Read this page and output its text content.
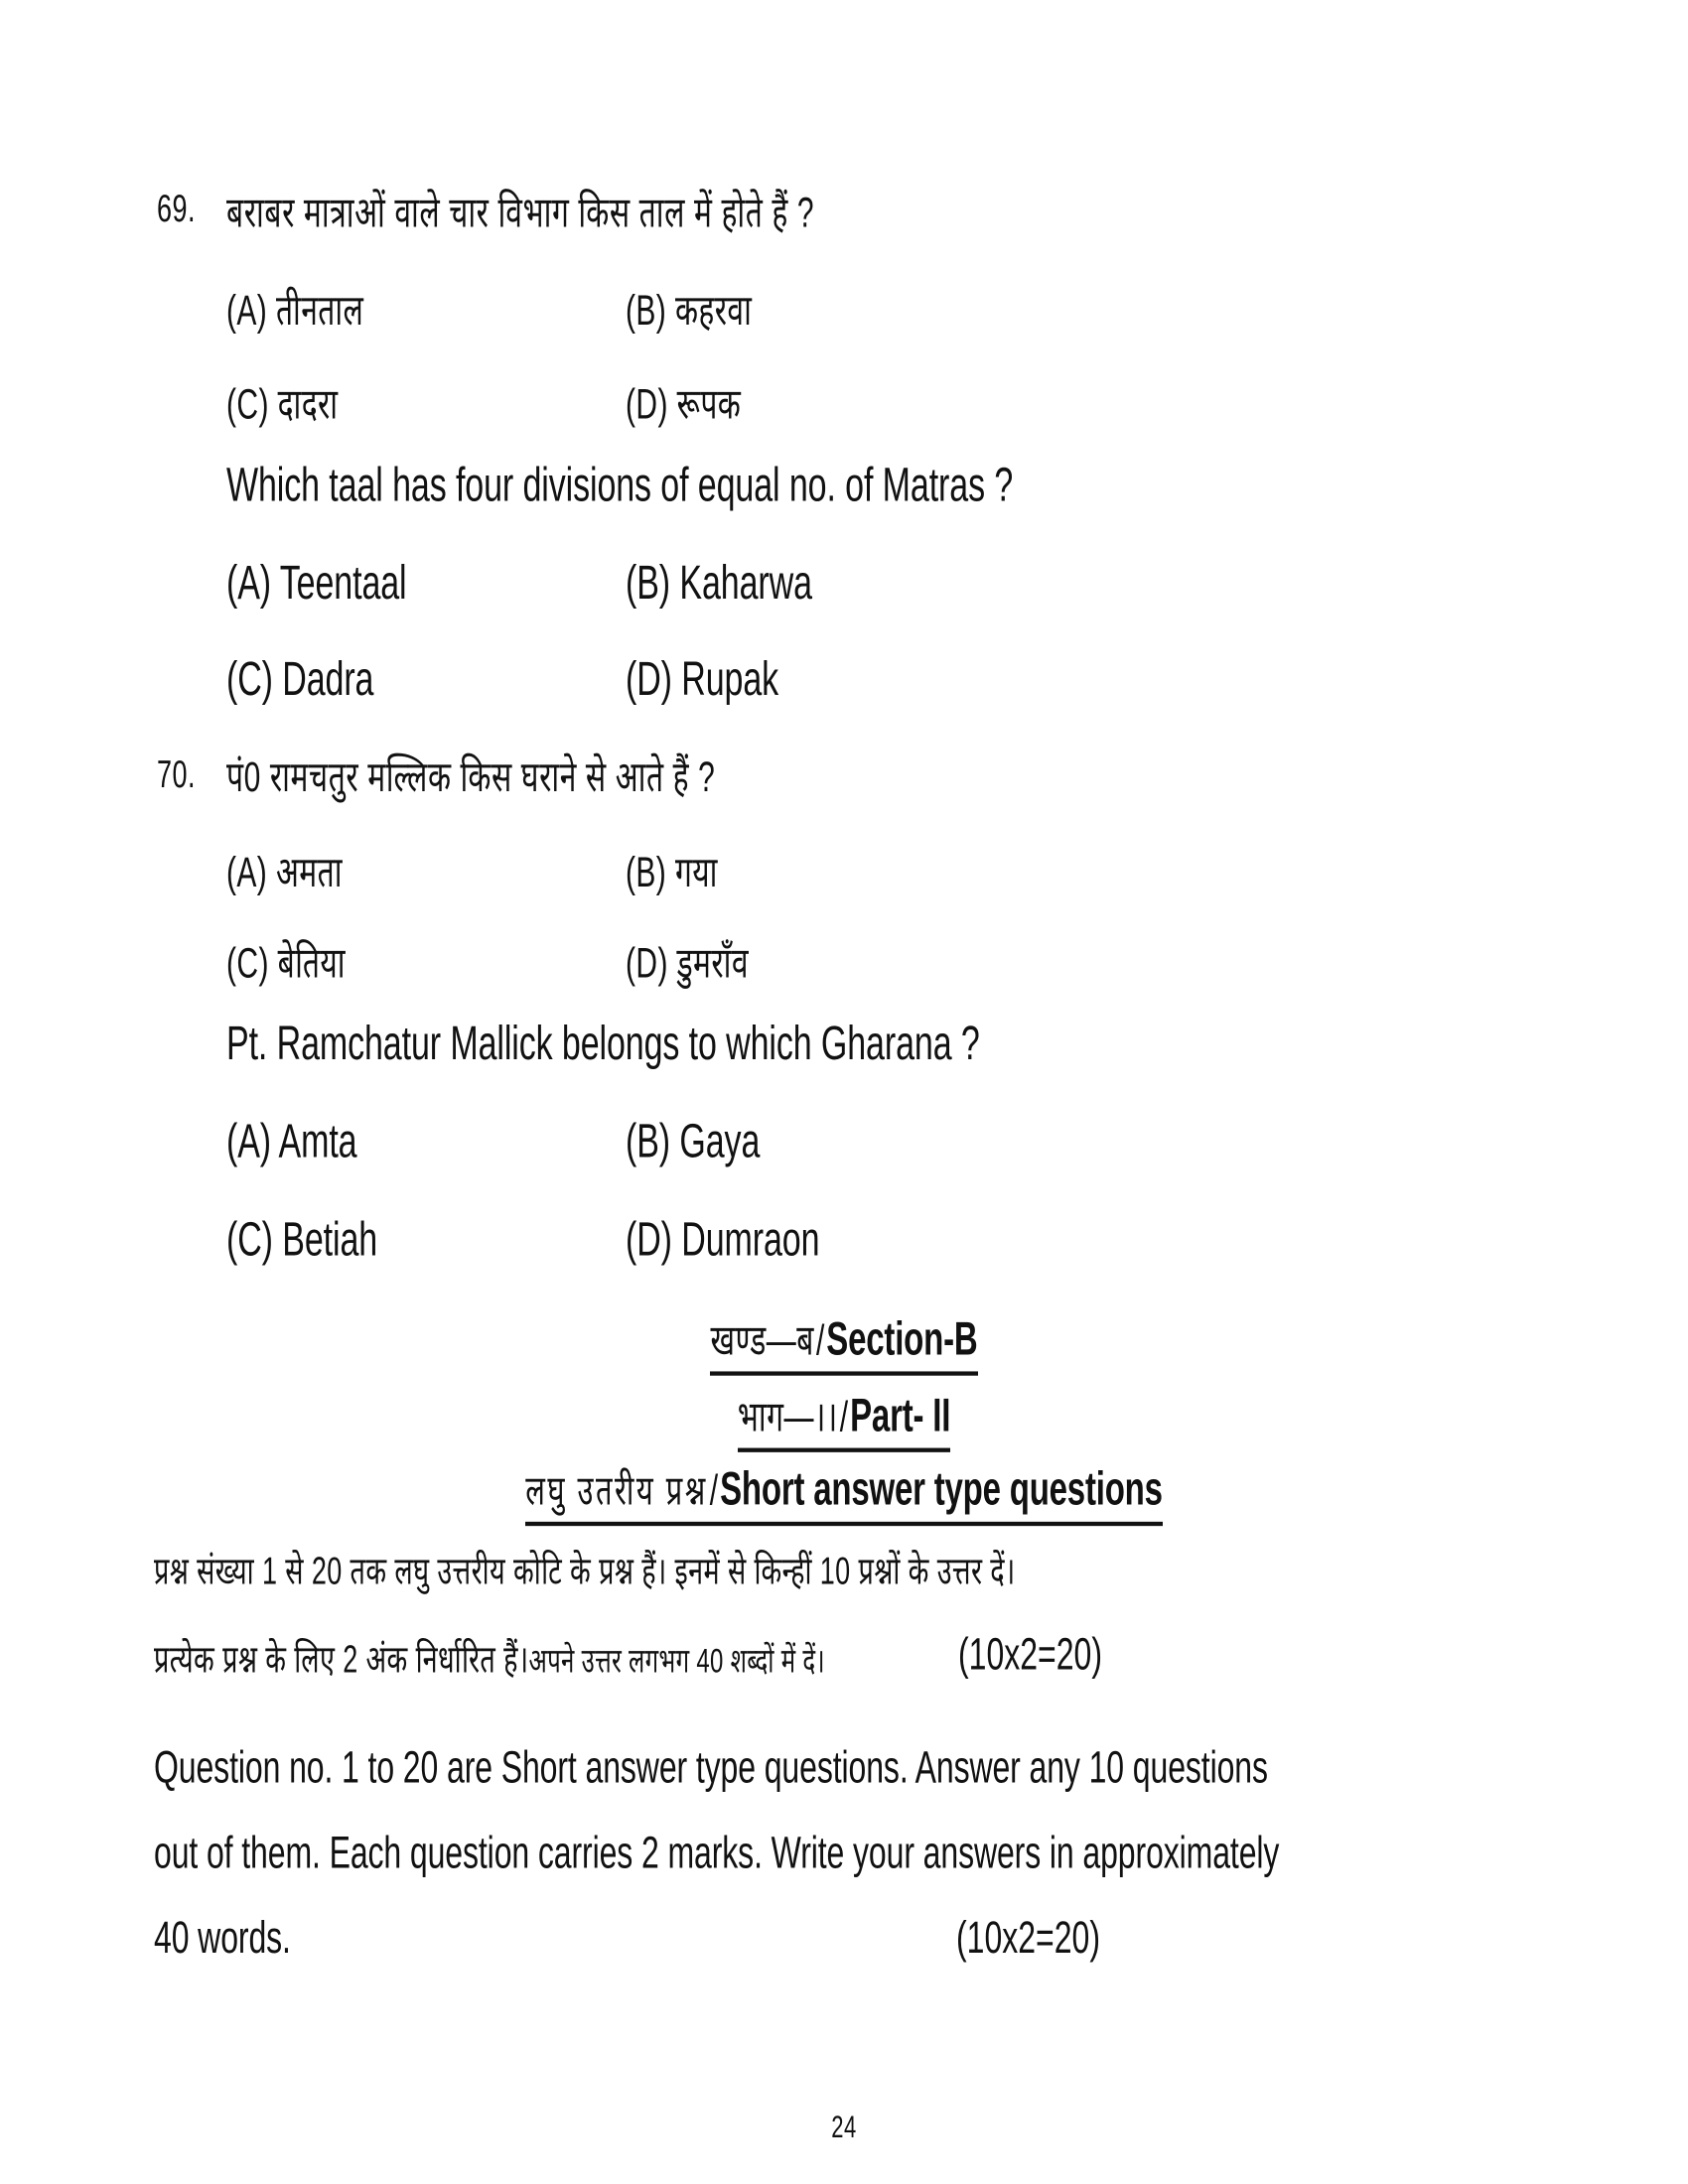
69. बराबर मात्राओं वाले चार विभाग किस ताल में होते हैं ?
(A) तीनताल	(B) कहरवा
(C) दादरा	(D) रूपक
Which taal has four divisions of equal no. of Matras ?
(A) Teentaal	(B) Kaharwa
(C) Dadra	(D) Rupak
70. पं0 रामचतुर मल्लिक किस घराने से आते हैं ?
(A) अमता	(B) गया
(C) बेतिया	(D) डुमराँव
Pt. Ramchatur Mallick belongs to which Gharana ?
(A) Amta	(B) Gaya
(C) Betiah	(D) Dumraon
खण्ड—ब/Section-B
भाग—।।/Part- II
लघु उतरीय प्रश्न/Short answer type questions
प्रश्न संख्या 1 से 20 तक लघु उत्तरीय कोटि के प्रश्न हैं। इनमें से किन्हीं 10 प्रश्नों के उत्तर दें।
प्रत्येक प्रश्न के लिए 2 अंक निर्धारित हैं।अपने उत्तर लगभग 40 शब्दों में दें।	(10x2=20)
Question no. 1 to 20 are Short answer type questions. Answer any 10 questions
out of them. Each question carries 2 marks. Write your answers in approximately
40 words.	(10x2=20)
24
